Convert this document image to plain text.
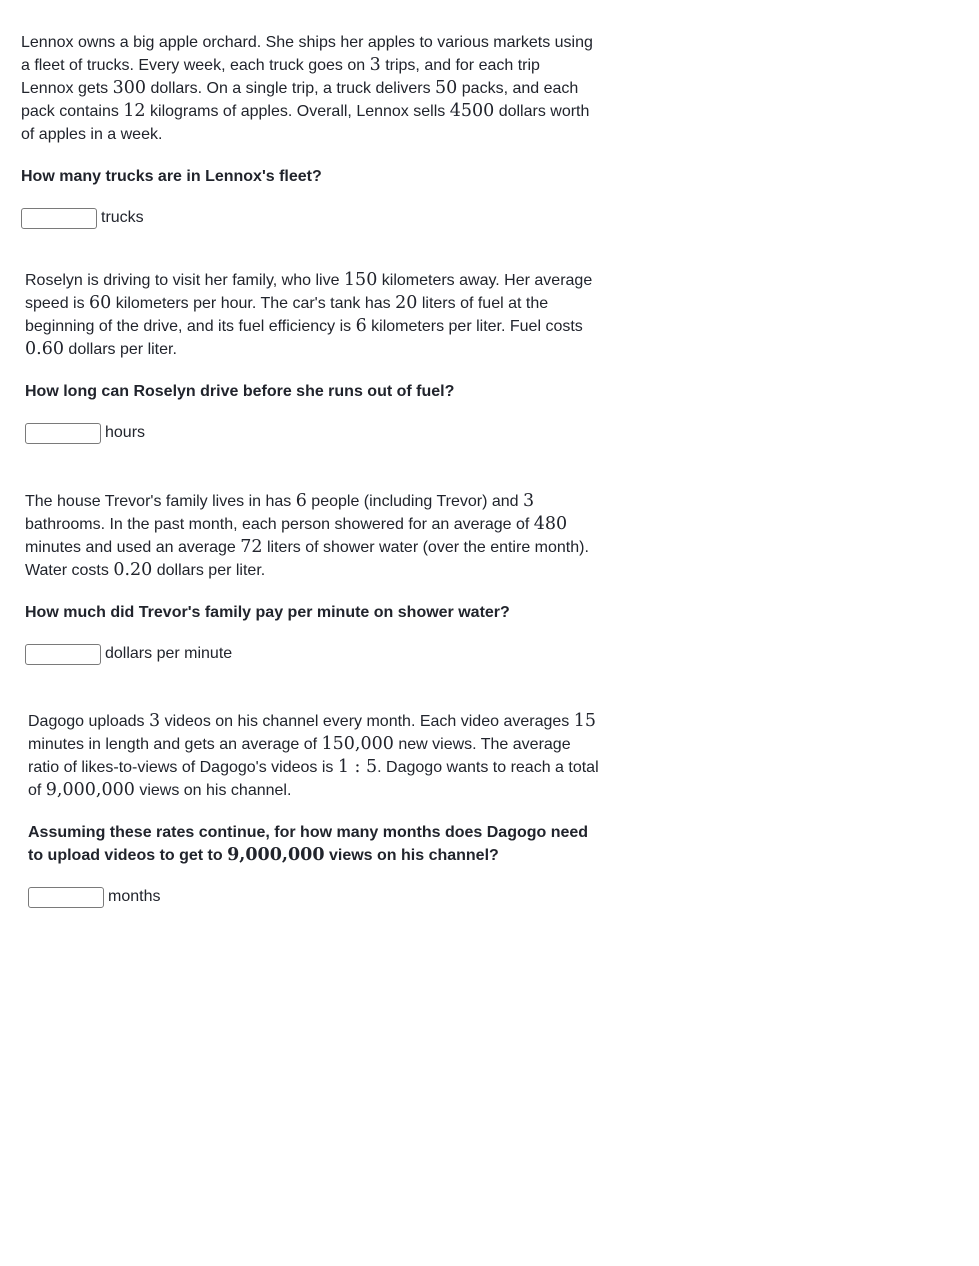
Lennox owns a big apple orchard. She ships her apples to various markets using a fleet of trucks. Every week, each truck goes on 3 trips, and for each trip Lennox gets 300 dollars. On a single trip, a truck delivers 50 packs, and each pack contains 12 kilograms of apples. Overall, Lennox sells 4500 dollars worth of apples in a week.

How many trucks are in Lennox's fleet?

trucks

Roselyn is driving to visit her family, who live 150 kilometers away. Her average speed is 60 kilometers per hour. The car's tank has 20 liters of fuel at the beginning of the drive, and its fuel efficiency is 6 kilometers per liter. Fuel costs 0.60 dollars per liter.

How long can Roselyn drive before she runs out of fuel?

hours

The house Trevor's family lives in has 6 people (including Trevor) and 3 bathrooms. In the past month, each person showered for an average of 480 minutes and used an average 72 liters of shower water (over the entire month). Water costs 0.20 dollars per liter.

How much did Trevor's family pay per minute on shower water?

dollars per minute

Dagogo uploads 3 videos on his channel every month. Each video averages 15 minutes in length and gets an average of 150,000 new views. The average ratio of likes-to-views of Dagogo's videos is 1 : 5. Dagogo wants to reach a total of 9,000,000 views on his channel.

Assuming these rates continue, for how many months does Dagogo need to upload videos to get to 9,000,000 views on his channel?

months
